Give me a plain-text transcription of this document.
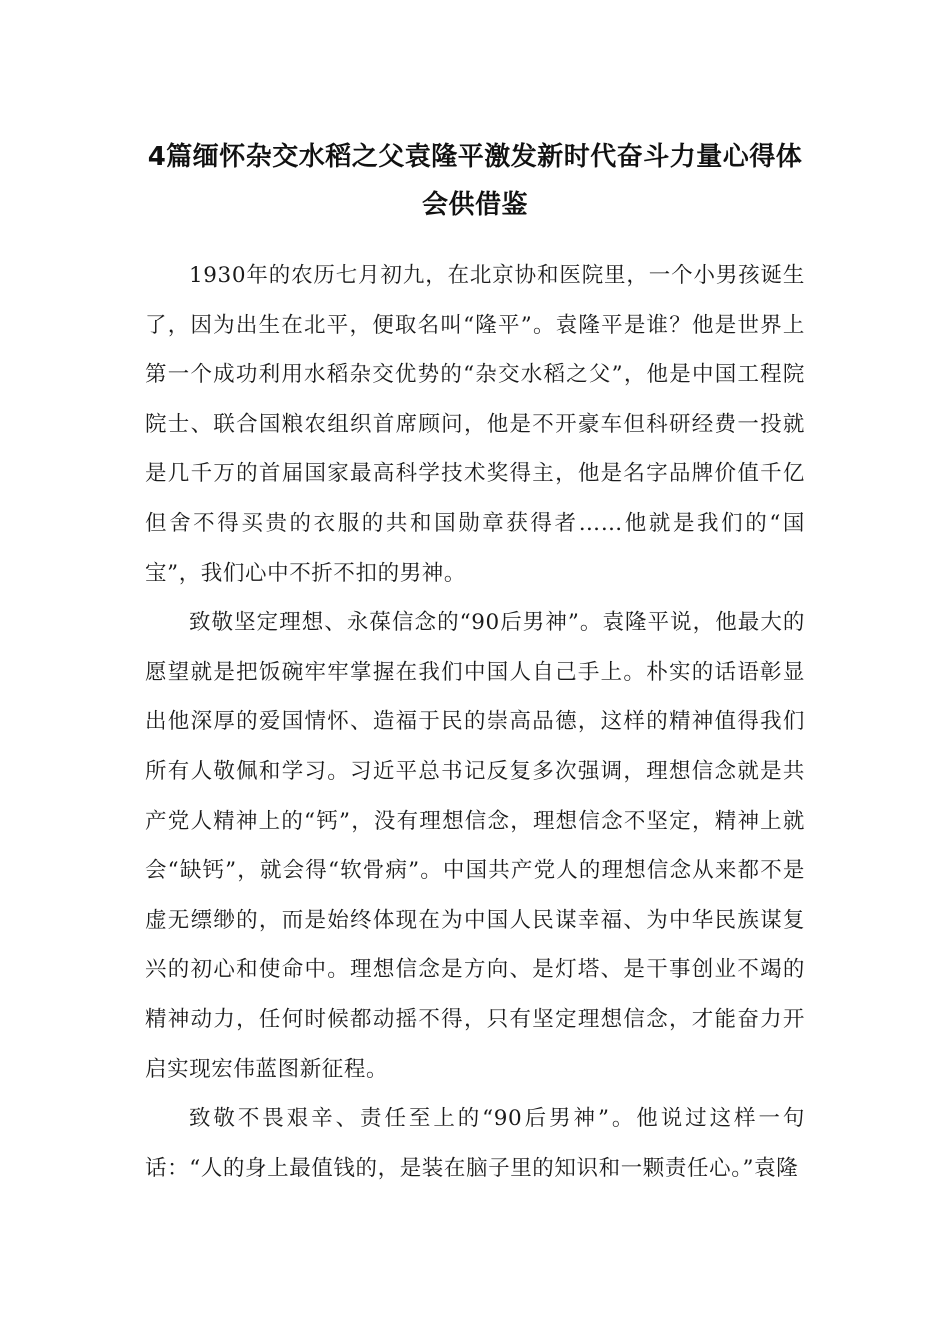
4篇缅怀杂交水稻之父袁隆平激发新时代奋斗力量心得体会供借鉴

1930年的农历七月初九，在北京协和医院里，一个小男孩诞生了，因为出生在北平，便取名叫“隆平”。袁隆平是谁？他是世界上第一个成功利用水稻杂交优势的“杂交水稻之父”，他是中国工程院院士、联合国粮农组织首席顾问，他是不开豪车但科研经费一投就是几千万的首届国家最高科学技术奖得主，他是名字品牌价值千亿但舍不得买贵的衣服的共和国勋章获得者……他就是我们的“国宝”，我们心中不折不扣的男神。

致敬坚定理想、永葆信念的“90后男神”。袁隆平说，他最大的愿望就是把饭碗牢牢掌握在我们中国人自己手上。朴实的话语彰显出他深厚的爱国情怀、造福于民的崇高品德，这样的精神值得我们所有人敬佩和学习。习近平总书记反复多次强调，理想信念就是共产党人精神上的“钙”，没有理想信念，理想信念不坚定，精神上就会“缺钙”，就会得“软骨病”。中国共产党人的理想信念从来都不是虚无缥缈的，而是始终体现在为中国人民谋幸福、为中华民族谋复兴的初心和使命中。理想信念是方向、是灯塔、是干事创业不竭的精神动力，任何时候都动摇不得，只有坚定理想信念，才能奋力开启实现宏伟蓝图新征程。

致敬不畏艰辛、责任至上的“90后男神”。他说过这样一句话：“人的身上最值钱的，是装在脑子里的知识和一颗责任心。”袁隆
